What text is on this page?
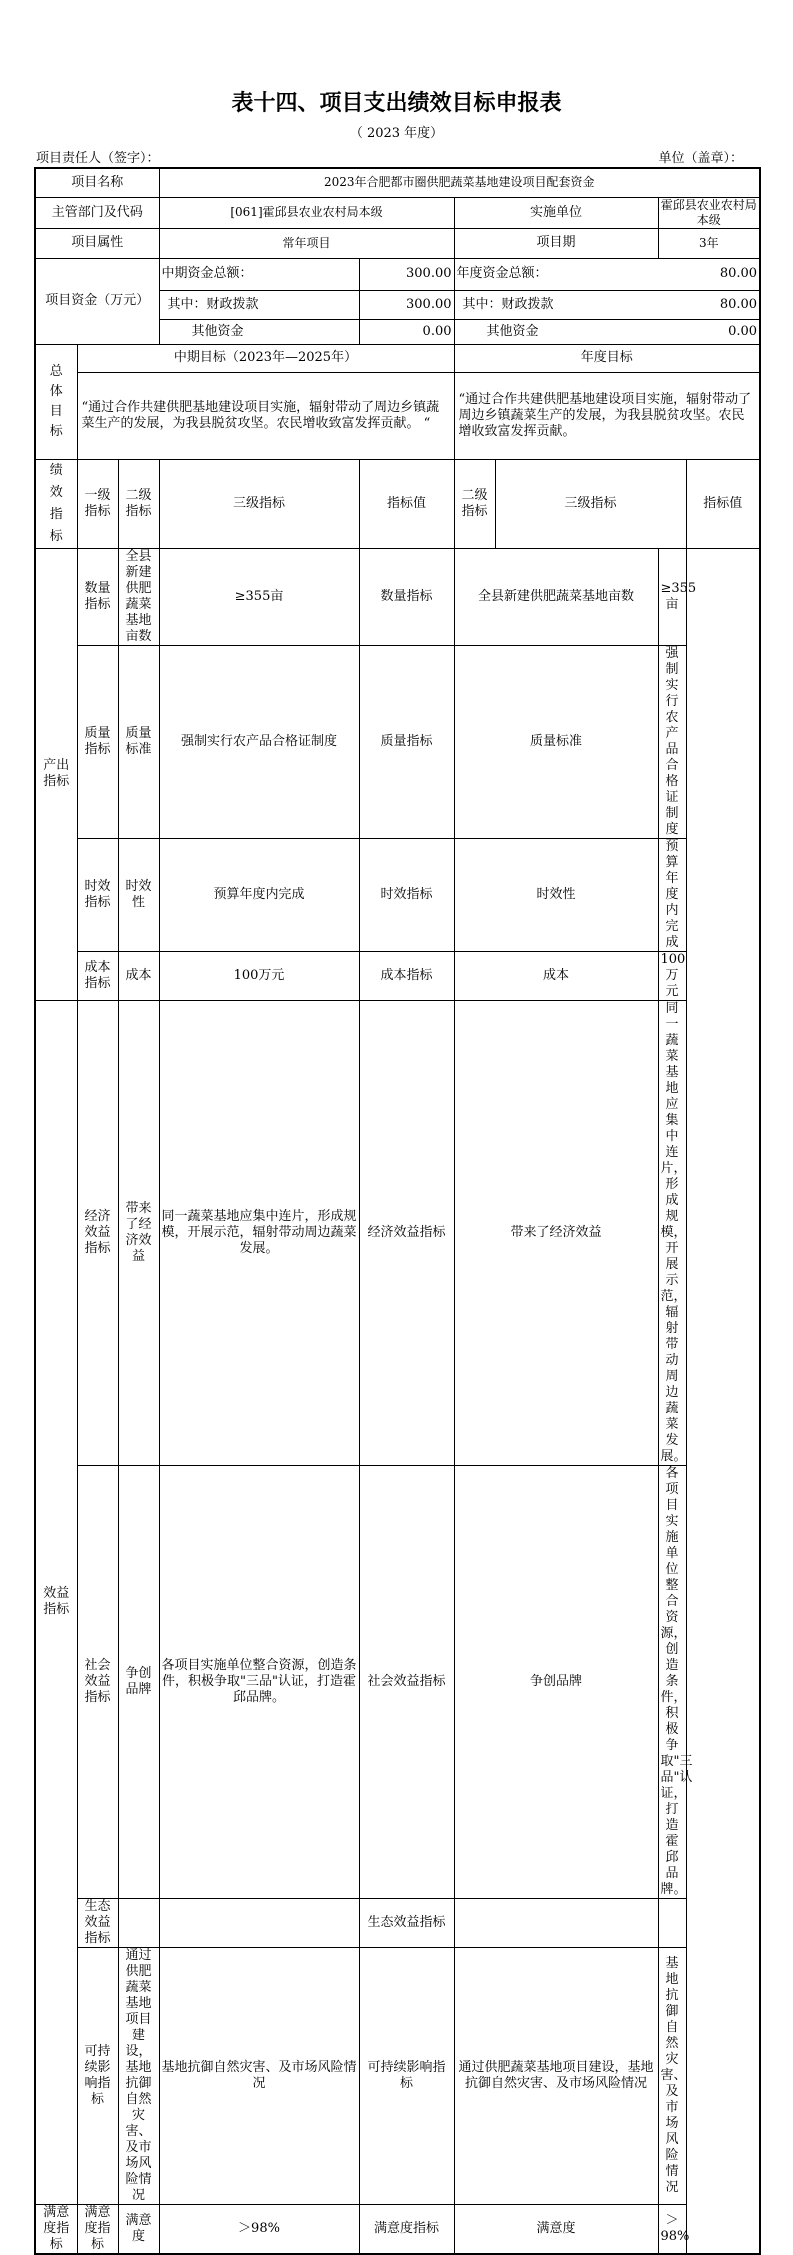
表十四、项目支出绩效目标申报表
（ 2023 年度）
项目责任人（签字）：	单位（盖章）：
项目名称			2023年合肥都市圈供肥蔬菜基地建设项目配套资金					
主管部门及代码			[061]霍邱县农业农村局本级		实施单位		霍邱县农业农村局本级	
项目属性			常年项目		项目期		3年	
项目资金（万元）			中期资金总额：	300.00	年度资金总额： 80.00			

			其中：财政拨款	300.00	其中：财政拨款 80.00			

			其他资金	0.00	其他资金 0.00			

总体目标	中期目标（2023年—2025年）				年度目标			
	“通过合作共建供肥基地建设项目实施，辐射带动了周边乡镇蔬菜生产的发展，为我县脱贫攻坚。农民增收致富发挥贡献。 “				“通过合作共建供肥基地建设项目实施，辐射带动了周边乡镇蔬菜生产的发展，为我县脱贫攻坚。农民增收致富发挥贡献。			

绩效指标	一级指标	二级指标	三级指标	指标值	二级指标	三级指标		指标值
产出指标	数量指标	全县新建供肥蔬菜基地亩数	≥355亩	数量指标	全县新建供肥蔬菜基地亩数		≥355亩	
	质量指标	质量标准	强制实行农产品合格证制度	质量指标	质量标准		强制实行农产品合格证制度	
	时效指标	时效性	预算年度内完成	时效指标	时效性		预算年度内完成	
	成本指标	成本	100万元	成本指标	成本		100万元	
效益指标	经济效益指标	带来了经济效益	同一蔬菜基地应集中连片，形成规模，开展示范，辐射带动周边蔬菜发展。	经济效益指标	带来了经济效益		同一蔬菜基地应集中连片，形成规模，开展示范，辐射带动周边蔬菜发展。	
	社会效益指标	争创品牌	各项目实施单位整合资源，创造条件，积极争取"三品"认证，打造霍邱品牌。	社会效益指标	争创品牌		各项目实施单位整合资源，创造条件，积极争取"三品"认证，打造霍邱品牌。	
	生态效益指标			生态效益指标				
	可持续影响指标	通过供肥蔬菜基地项目建设，基地抗御自然灾害、及市场风险情况	基地抗御自然灾害、及市场风险情况	可持续影响指标	通过供肥蔬菜基地项目建设，基地抗御自然灾害、及市场风险情况		基地抗御自然灾害、及市场风险情况	
满意度指标	满意度指标	满意度	＞98%	满意度指标	满意度		＞98%	
